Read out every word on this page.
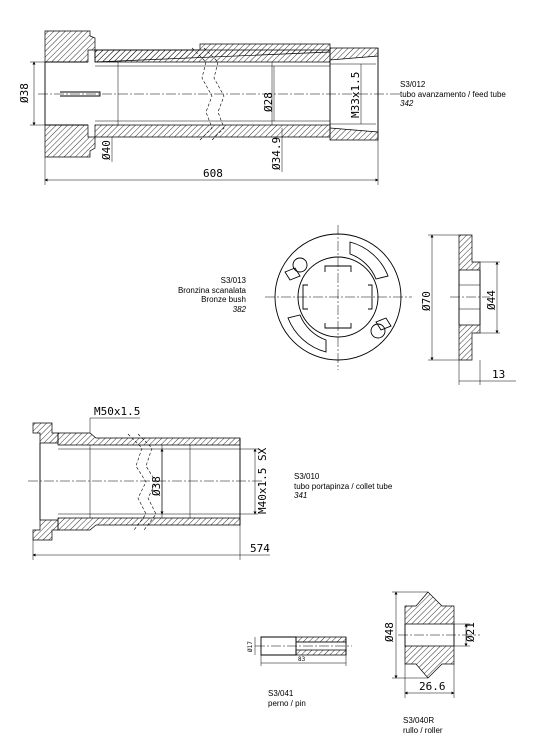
Ø38
Ø40
Ø28	M33x1.5
Ø34.9
608
Ø70	Ø44
13
M50x1.5
Ø38	M40x1.5 SX
574
Ø17
83
Ø48	Ø21
26.6
S3/012
tubo avanzamento / feed tube
342
S3/013
Bronzina scanalata
Bronze bush
382
S3/010
tubo portapinza / collet tube
341
S3/041
perno / pin
S3/040R
rullo / roller
